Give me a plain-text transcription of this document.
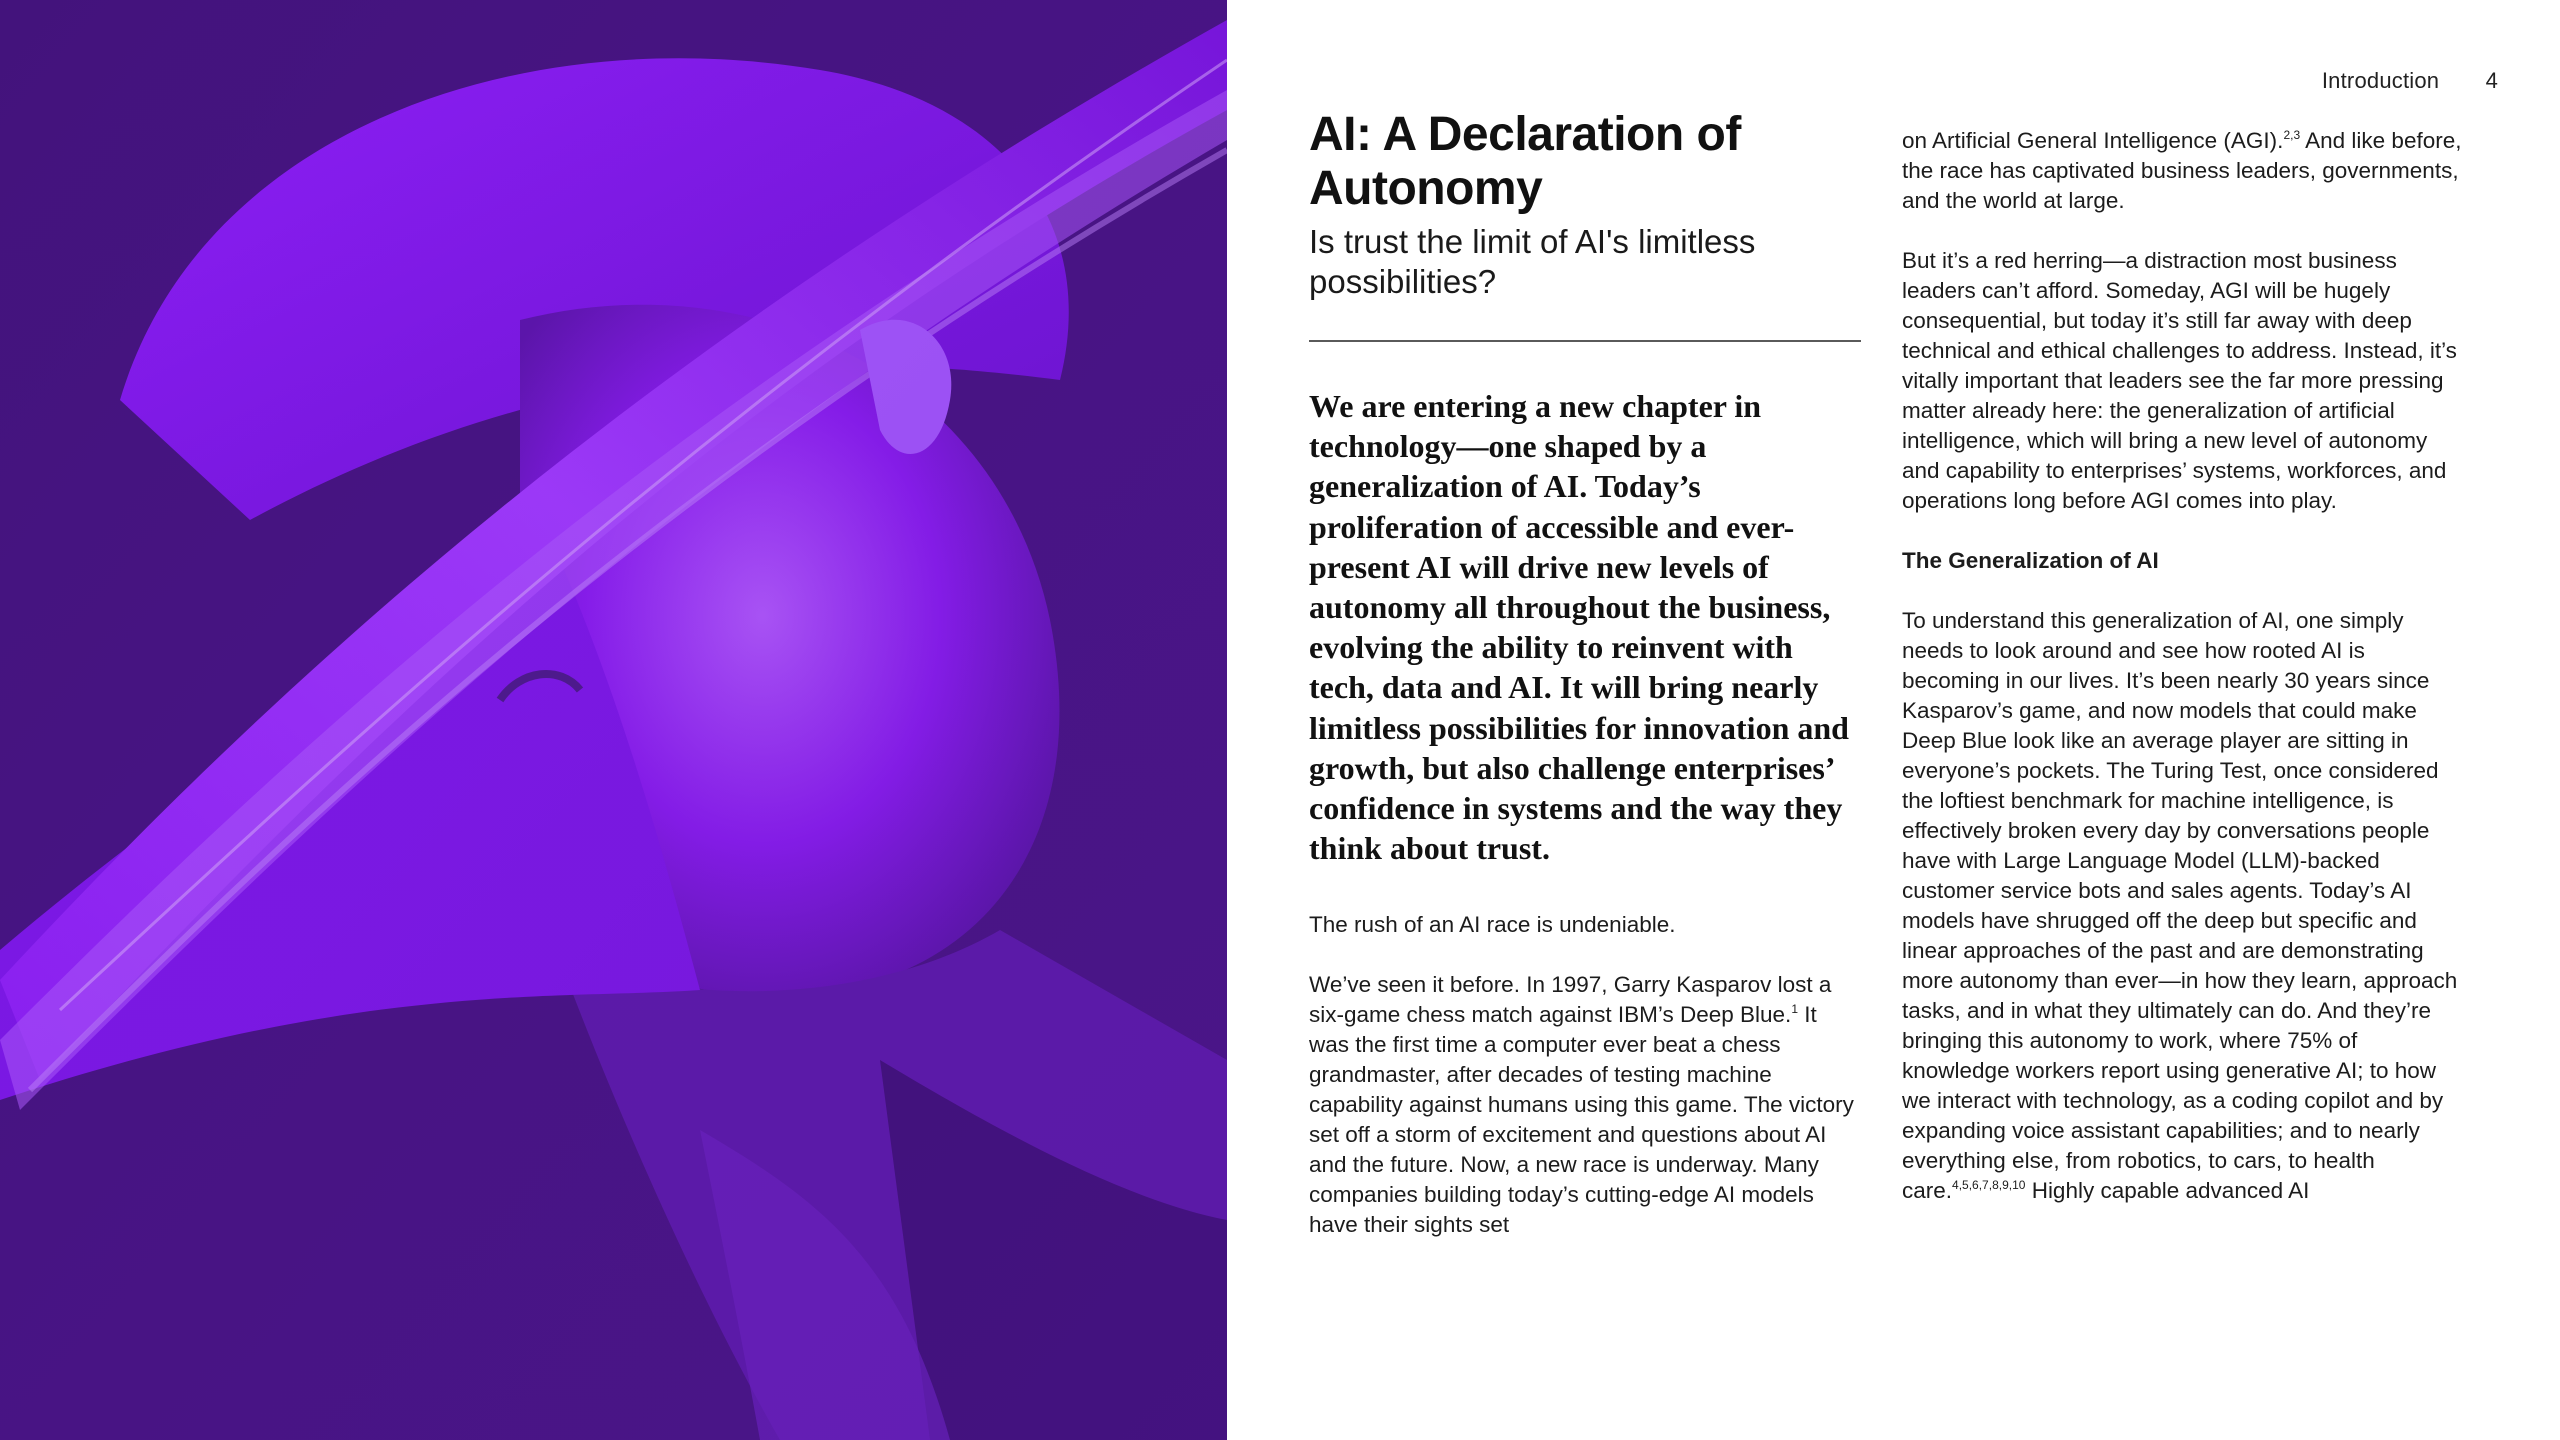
Introduction 4
AI: A Declaration of Autonomy

Is trust the limit of AI's limitless possibilities?

We are entering a new chapter in technology—one shaped by a generalization of AI. Today’s proliferation of accessible and ever-present AI will drive new levels of autonomy all throughout the business, evolving the ability to reinvent with tech, data and AI. It will bring nearly limitless possibilities for innovation and growth, but also challenge enterprises’ confidence in systems and the way they think about trust.

The rush of an AI race is undeniable.

We’ve seen it before. In 1997, Garry Kasparov lost a six-game chess match against IBM’s Deep Blue.$^1$ It was the first time a computer ever beat a chess grandmaster, after decades of testing machine capability against humans using this game. The victory set off a storm of excitement and questions about AI and the future. Now, a new race is underway. Many companies building today’s cutting-edge AI models have their sights set

on Artificial General Intelligence (AGI).$^{2,3}$ And like before, the race has captivated business leaders, governments, and the world at large.

But it’s a red herring—a distraction most business leaders can’t afford. Someday, AGI will be hugely consequential, but today it’s still far away with deep technical and ethical challenges to address. Instead, it’s vitally important that leaders see the far more pressing matter already here: the generalization of artificial intelligence, which will bring a new level of autonomy and capability to enterprises’ systems, workforces, and operations long before AGI comes into play.

The Generalization of AI

To understand this generalization of AI, one simply needs to look around and see how rooted AI is becoming in our lives. It’s been nearly 30 years since Kasparov’s game, and now models that could make Deep Blue look like an average player are sitting in everyone’s pockets. The Turing Test, once considered the loftiest benchmark for machine intelligence, is effectively broken every day by conversations people have with Large Language Model (LLM)-backed customer service bots and sales agents. Today’s AI models have shrugged off the deep but specific and linear approaches of the past and are demonstrating more autonomy than ever—in how they learn, approach tasks, and in what they ultimately can do. And they’re bringing this autonomy to work, where 75% of knowledge workers report using generative AI; to how we interact with technology, as a coding copilot and by expanding voice assistant capabilities; and to nearly everything else, from robotics, to cars, to health care.$^{4,5,6,7,8,9,10}$ Highly capable advanced AI
